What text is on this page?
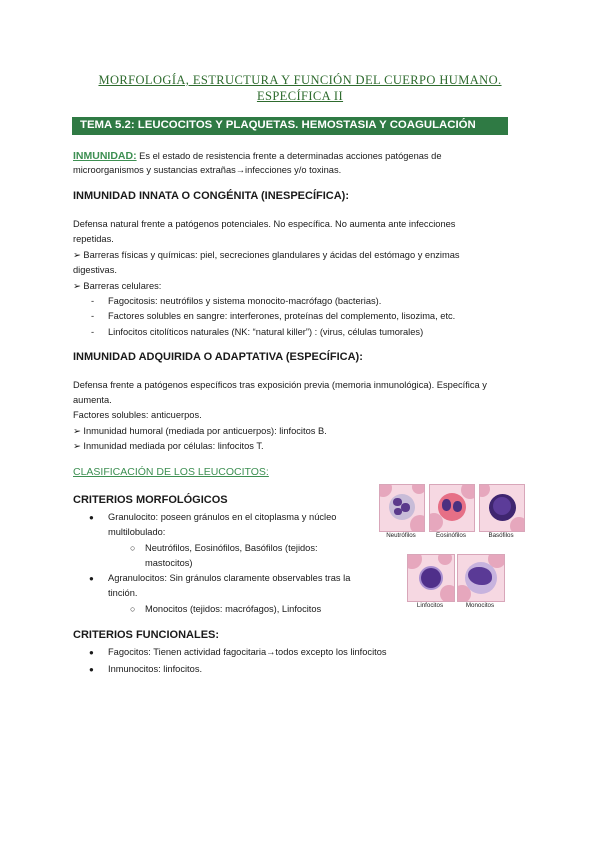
MORFOLOGÍA, ESTRUCTURA Y FUNCIÓN DEL CUERPO HUMANO.
ESPECÍFICA II
TEMA 5.2: LEUCOCITOS Y PLAQUETAS. HEMOSTASIA Y COAGULACIÓN
INMUNIDAD: Es el estado de resistencia frente a determinadas acciones patógenas de
microorganismos y sustancias extrañas→infecciones y/o toxinas.
INMUNIDAD INNATA O CONGÉNITA (INESPECÍFICA):
Defensa natural frente a patógenos potenciales. No específica. No aumenta ante infecciones
repetidas.
➢ Barreras físicas y químicas: piel, secreciones glandulares y ácidas del estómago y enzimas
digestivas.
➢ Barreras celulares:
- Fagocitosis: neutrófilos y sistema monocito-macrófago (bacterias).
- Factores solubles en sangre: interferones, proteínas del complemento, lisozima, etc.
- Linfocitos citolíticos naturales (NK: “natural killer”) : (virus, células tumorales)
INMUNIDAD ADQUIRIDA O ADAPTATIVA (ESPECÍFICA):
Defensa frente a patógenos específicos tras exposición previa (memoria inmunológica). Específica y
aumenta.
Factores solubles: anticuerpos.
➢ Inmunidad humoral (mediada por anticuerpos): linfocitos B.
➢ Inmunidad mediada por células: linfocitos T.
CLASIFICACIÓN DE LOS LEUCOCITOS:
CRITERIOS MORFOLÓGICOS
● Granulocito: poseen gránulos en el citoplasma y núcleo
multilobulado:
○ Neutrófilos, Eosinófilos, Basófilos (tejidos:
mastocitos)
● Agranulocitos: Sin gránulos claramente observables tras la
tinción.
○ Monocitos (tejidos: macrófagos), Linfocitos
CRITERIOS FUNCIONALES:
● Fagocitos: Tienen actividad fagocitaria→todos excepto los linfocitos
● Inmunocitos: linfocitos.
Neutrófilos	Eosinófilos	Basófilos
Linfocitos	Monocitos
